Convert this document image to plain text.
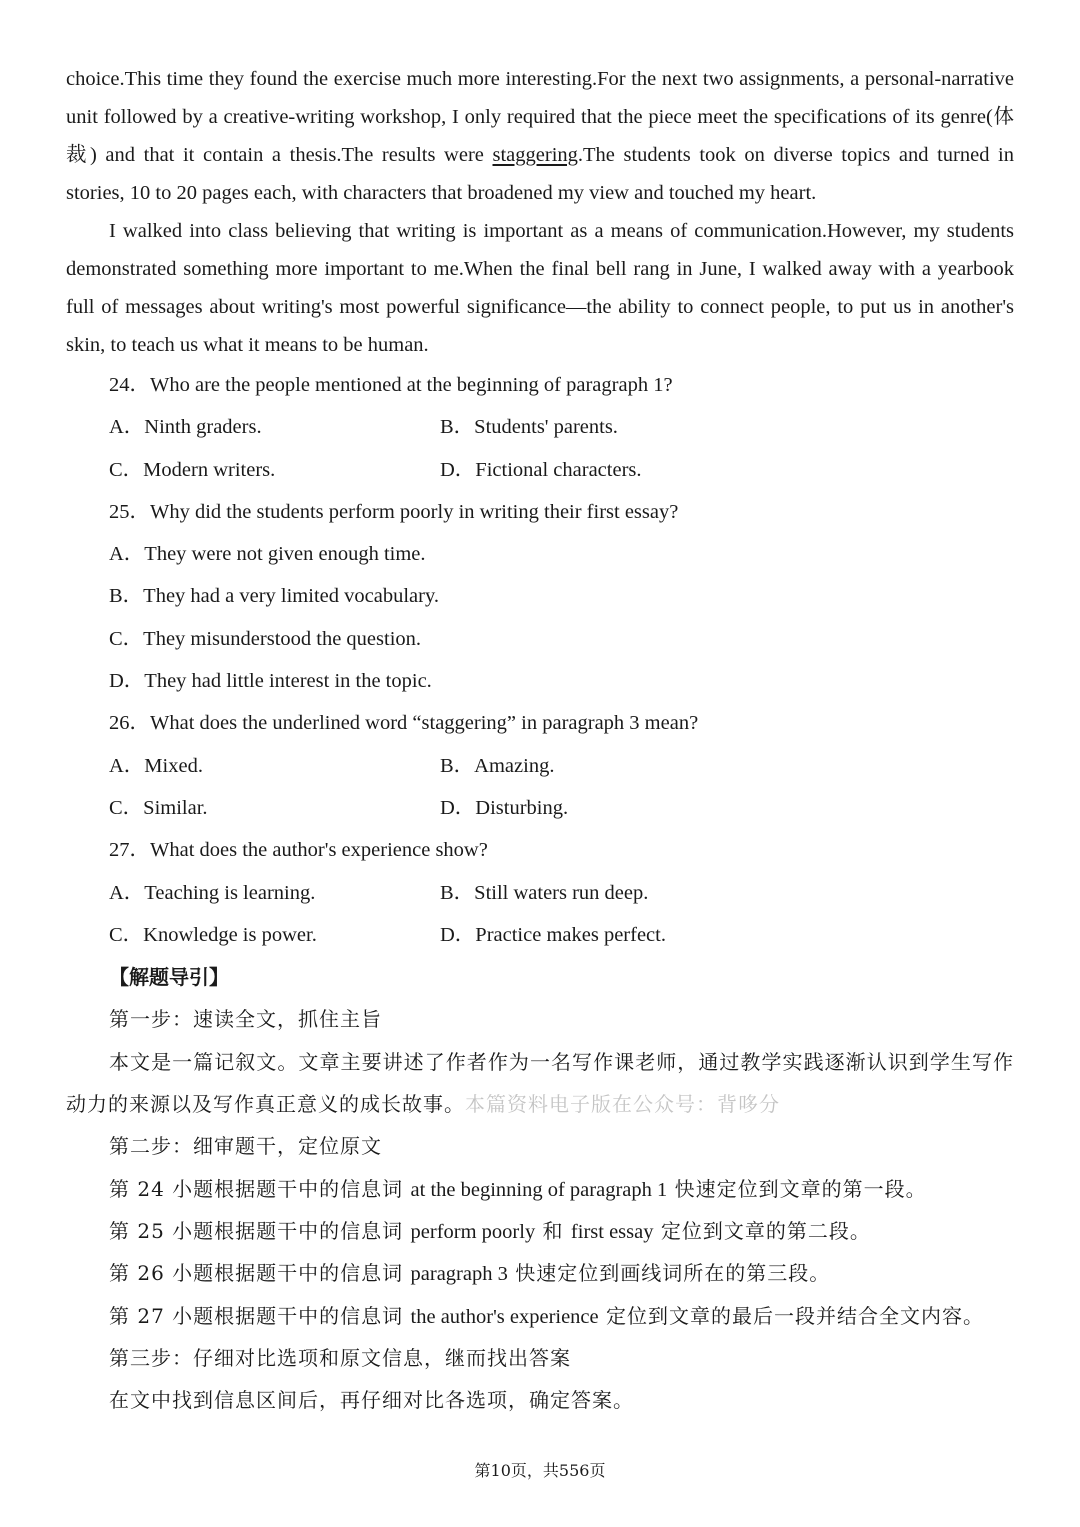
choice.This time they found the exercise much more interesting.For the next two assignments, a personal-narrative unit followed by a creative-writing workshop, I only required that the piece meet the specifications of its genre(体裁) and that it contain a thesis.The results were staggering.The students took on diverse topics and turned in stories, 10 to 20 pages each, with characters that broadened my view and touched my heart.

I walked into class believing that writing is important as a means of communication.However, my students demonstrated something more important to me.When the final bell rang in June, I walked away with a yearbook full of messages about writing's most powerful significance—the ability to connect people, to put us in another's skin, to teach us what it means to be human.

24．Who are the people mentioned at the beginning of paragraph 1?
A．Ninth graders.	B．Students' parents.
C．Modern writers.	D．Fictional characters.
25．Why did the students perform poorly in writing their first essay?
A．They were not given enough time.
B．They had a very limited vocabulary.
C．They misunderstood the question.
D．They had little interest in the topic.
26．What does the underlined word “staggering” in paragraph 3 mean?
A．Mixed.	B．Amazing.
C．Similar.	D．Disturbing.
27．What does the author's experience show?
A．Teaching is learning.	B．Still waters run deep.
C．Knowledge is power.	D．Practice makes perfect.
【解题导引】
第一步：速读全文，抓住主旨

本文是一篇记叙文。文章主要讲述了作者作为一名写作课老师，通过教学实践逐渐认识到学生写作动力的来源以及写作真正意义的成长故事。本篇资料电子版在公众号：背哆分

第二步：细审题干，定位原文
第 24 小题根据题干中的信息词 at the beginning of paragraph 1 快速定位到文章的第一段。
第 25 小题根据题干中的信息词 perform poorly 和 first essay 定位到文章的第二段。
第 26 小题根据题干中的信息词 paragraph 3 快速定位到画线词所在的第三段。
第 27 小题根据题干中的信息词 the author's experience 定位到文章的最后一段并结合全文内容。
第三步：仔细对比选项和原文信息，继而找出答案
在文中找到信息区间后，再仔细对比各选项，确定答案。
第10页，共556页
